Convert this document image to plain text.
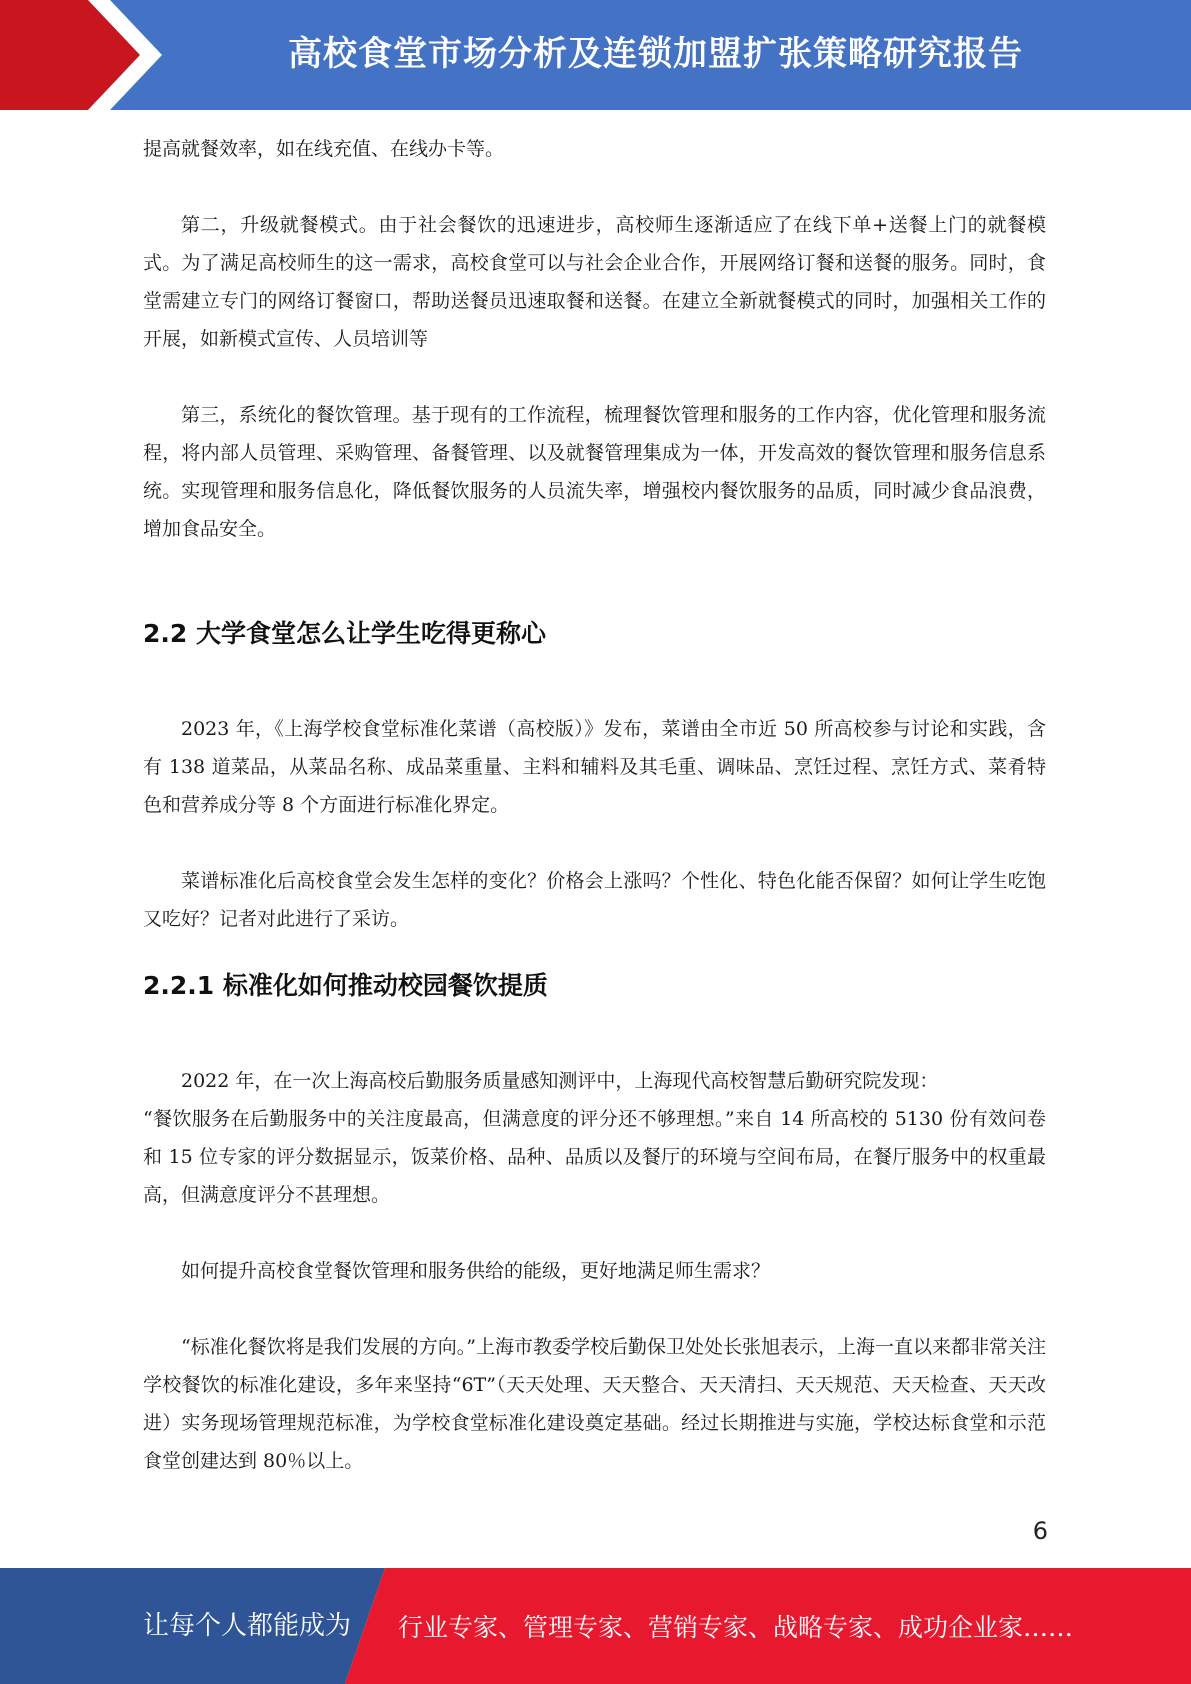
高校食堂市场分析及连锁加盟扩张策略研究报告

提高就餐效率，如在线充值、在线办卡等。

第二，升级就餐模式。由于社会餐饮的迅速进步，高校师生逐渐适应了在线下单+送餐上门的就餐模式。为了满足高校师生的这一需求，高校食堂可以与社会企业合作，开展网络订餐和送餐的服务。同时，食堂需建立专门的网络订餐窗口，帮助送餐员迅速取餐和送餐。在建立全新就餐模式的同时，加强相关工作的开展，如新模式宣传、人员培训等

第三，系统化的餐饮管理。基于现有的工作流程，梳理餐饮管理和服务的工作内容，优化管理和服务流程，将内部人员管理、采购管理、备餐管理、以及就餐管理集成为一体，开发高效的餐饮管理和服务信息系统。实现管理和服务信息化，降低餐饮服务的人员流失率，增强校内餐饮服务的品质，同时减少食品浪费，增加食品安全。

2.2 大学食堂怎么让学生吃得更称心

2023 年，《上海学校食堂标准化菜谱（高校版）》发布，菜谱由全市近 50 所高校参与讨论和实践，含有 138 道菜品，从菜品名称、成品菜重量、主料和辅料及其毛重、调味品、烹饪过程、烹饪方式、菜肴特色和营养成分等 8 个方面进行标准化界定。

菜谱标准化后高校食堂会发生怎样的变化？价格会上涨吗？个性化、特色化能否保留？如何让学生吃饱又吃好？记者对此进行了采访。

2.2.1 标准化如何推动校园餐饮提质

2022 年，在一次上海高校后勤服务质量感知测评中，上海现代高校智慧后勤研究院发现：

“餐饮服务在后勤服务中的关注度最高，但满意度的评分还不够理想。”来自 14 所高校的 5130 份有效问卷和 15 位专家的评分数据显示，饭菜价格、品种、品质以及餐厅的环境与空间布局，在餐厅服务中的权重最高，但满意度评分不甚理想。

如何提升高校食堂餐饮管理和服务供给的能级，更好地满足师生需求？

“标准化餐饮将是我们发展的方向。”上海市教委学校后勤保卫处处长张旭表示，上海一直以来都非常关注学校餐饮的标准化建设，多年来坚持“6T”（天天处理、天天整合、天天清扫、天天规范、天天检查、天天改进）实务现场管理规范标准，为学校食堂标准化建设奠定基础。经过长期推进与实施，学校达标食堂和示范食堂创建达到 80％以上。

6
让每个人都能成为 行业专家、管理专家、营销专家、战略专家、成功企业家……
